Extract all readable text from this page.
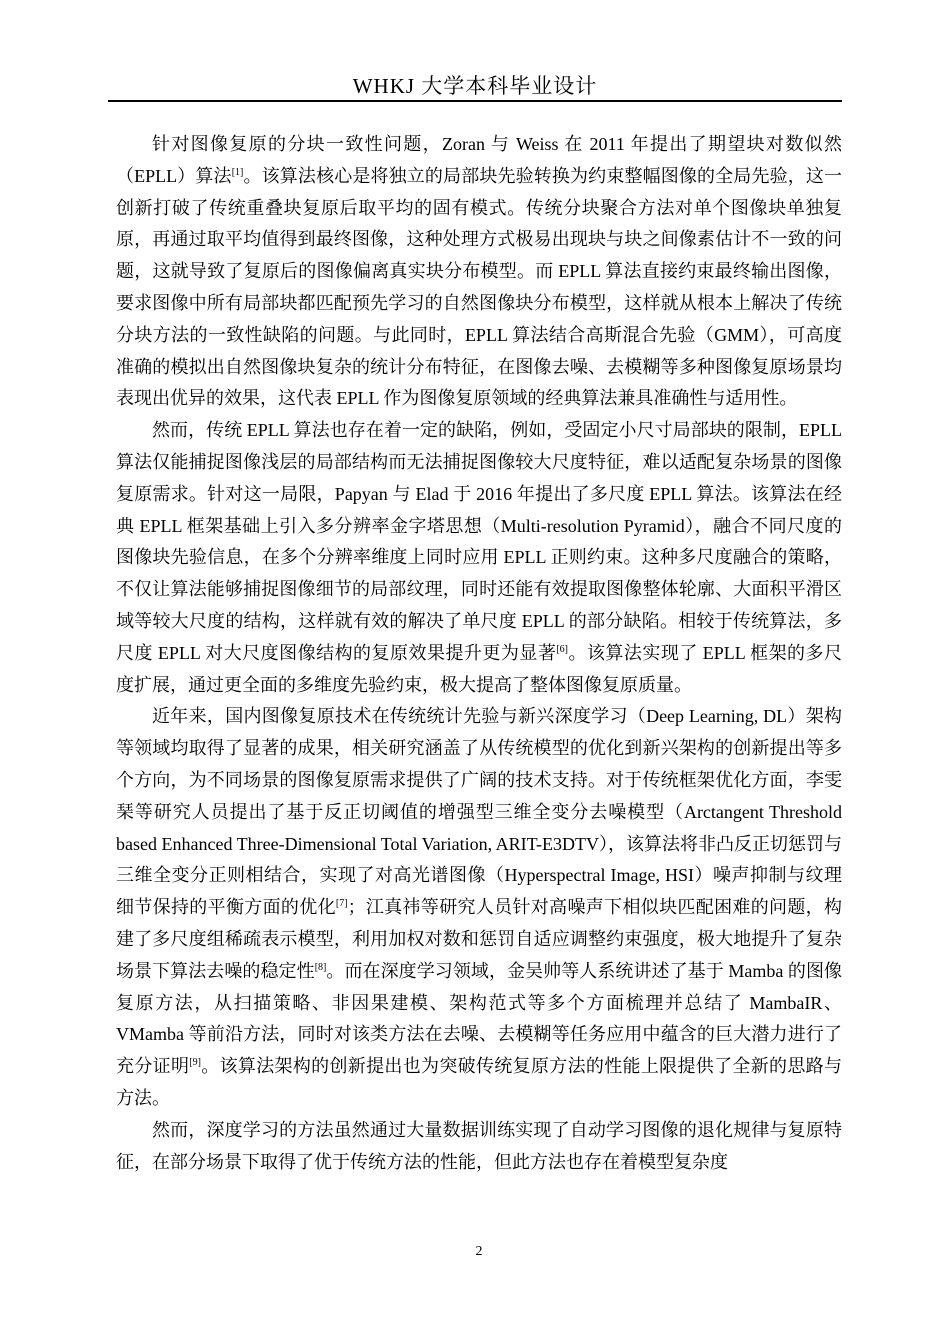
WHKJ 大学本科毕业设计

针对图像复原的分块一致性问题，Zoran 与 Weiss 在 2011 年提出了期望块对数似然（EPLL）算法[1]。该算法核心是将独立的局部块先验转换为约束整幅图像的全局先验，这一创新打破了传统重叠块复原后取平均的固有模式。传统分块聚合方法对单个图像块单独复原，再通过取平均值得到最终图像，这种处理方式极易出现块与块之间像素估计不一致的问题，这就导致了复原后的图像偏离真实块分布模型。而 EPLL 算法直接约束最终输出图像，要求图像中所有局部块都匹配预先学习的自然图像块分布模型，这样就从根本上解决了传统分块方法的一致性缺陷的问题。与此同时，EPLL 算法结合高斯混合先验（GMM），可高度准确的模拟出自然图像块复杂的统计分布特征，在图像去噪、去模糊等多种图像复原场景均表现出优异的效果，这代表 EPLL 作为图像复原领域的经典算法兼具准确性与适用性。

然而，传统 EPLL 算法也存在着一定的缺陷，例如，受固定小尺寸局部块的限制，EPLL 算法仅能捕捉图像浅层的局部结构而无法捕捉图像较大尺度特征，难以适配复杂场景的图像复原需求。针对这一局限，Papyan 与 Elad 于 2016 年提出了多尺度 EPLL 算法。该算法在经典 EPLL 框架基础上引入多分辨率金字塔思想（Multi-resolution Pyramid），融合不同尺度的图像块先验信息，在多个分辨率维度上同时应用 EPLL 正则约束。这种多尺度融合的策略，不仅让算法能够捕捉图像细节的局部纹理，同时还能有效提取图像整体轮廓、大面积平滑区域等较大尺度的结构，这样就有效的解决了单尺度 EPLL 的部分缺陷。相较于传统算法，多尺度 EPLL 对大尺度图像结构的复原效果提升更为显著[6]。该算法实现了 EPLL 框架的多尺度扩展，通过更全面的多维度先验约束，极大提高了整体图像复原质量。

近年来，国内图像复原技术在传统统计先验与新兴深度学习（Deep Learning, DL）架构等领域均取得了显著的成果，相关研究涵盖了从传统模型的优化到新兴架构的创新提出等多个方向，为不同场景的图像复原需求提供了广阔的技术支持。对于传统框架优化方面，李雯琹等研究人员提出了基于反正切阈值的增强型三维全变分去噪模型（Arctangent Threshold based Enhanced Three-Dimensional Total Variation, ARIT-E3DTV），该算法将非凸反正切惩罚与三维全变分正则相结合，实现了对高光谱图像（Hyperspectral Image, HSI）噪声抑制与纹理细节保持的平衡方面的优化[7]；江真祎等研究人员针对高噪声下相似块匹配困难的问题，构建了多尺度组稀疏表示模型，利用加权对数和惩罚自适应调整约束强度，极大地提升了复杂场景下算法去噪的稳定性[8]。而在深度学习领域，金吴帅等人系统讲述了基于 Mamba 的图像复原方法，从扫描策略、非因果建模、架构范式等多个方面梳理并总结了 MambaIR、VMamba 等前沿方法，同时对该类方法在去噪、去模糊等任务应用中蕴含的巨大潜力进行了充分证明[9]。该算法架构的创新提出也为突破传统复原方法的性能上限提供了全新的思路与方法。

然而，深度学习的方法虽然通过大量数据训练实现了自动学习图像的退化规律与复原特征，在部分场景下取得了优于传统方法的性能，但此方法也存在着模型复杂度

2
